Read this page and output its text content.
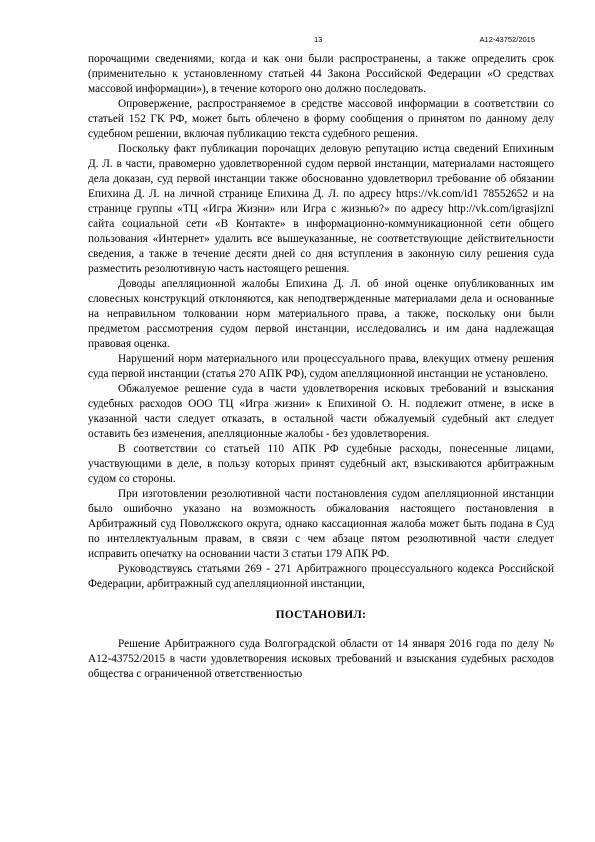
13	А12-43752/2015

порочащими сведениями, когда и как они были распространены, а также определить срок (применительно к установленному статьей 44 Закона Российской Федерации «О средствах массовой информации»), в течение которого оно должно последовать.

Опровержение, распространяемое в средстве массовой информации в соответствии со статьей 152 ГК РФ, может быть облечено в форму сообщения о принятом по данному делу судебном решении, включая публикацию текста судебного решения.

Поскольку факт публикации порочащих деловую репутацию истца сведений Епихиным Д. Л. в части, правомерно удовлетворенной судом первой инстанции, материалами настоящего дела доказан, суд первой инстанции также обоснованно удовлетворил требование об обязании Епихина Д. Л. на личной странице Епихина Д. Л. по адресу https://vk.com/id1 78552652 и на странице группы «ТЦ «Игра Жизни» или Игра с жизнью?» по адресу http://vk.com/igrasjizni сайта социальной сети «В Контакте» в информационно-коммуникационной сети общего пользования «Интернет» удалить все вышеуказанные, не соответствующие действительности сведения, а также в течение десяти дней со дня вступления в законную силу решения суда разместить резолютивную часть настоящего решения.

Доводы апелляционной жалобы Епихина Д. Л. об иной оценке опубликованных им словесных конструкций отклоняются, как неподтвержденные материалами дела и основанные на неправильном толковании норм материального права, а также, поскольку они были предметом рассмотрения судом первой инстанции, исследовались и им дана надлежащая правовая оценка.

Нарушений норм материального или процессуального права, влекущих отмену решения суда первой инстанции (статья 270 АПК РФ), судом апелляционной инстанции не установлено.

Обжалуемое решение суда в части удовлетворения исковых требований и взыскания судебных расходов ООО ТЦ «Игра жизни» к Епихиной О. Н. подлежит отмене, в иске в указанной части следует отказать, в остальной части обжалуемый судебный акт следует оставить без изменения, апелляционные жалобы - без удовлетворения.

В соответствии со статьей 110 АПК РФ судебные расходы, понесенные лицами, участвующими в деле, в пользу которых принят судебный акт, взыскиваются арбитражным судом со стороны.

При изготовлении резолютивной части постановления судом апелляционной инстанции было ошибочно указано на возможность обжалования настоящего постановления в Арбитражный суд Поволжского округа, однако кассационная жалоба может быть подана в Суд по интеллектуальным правам, в связи с чем абзаце пятом резолютивной части следует исправить опечатку на основании части 3 статьи 179 АПК РФ.

Руководствуясь статьями 269 - 271 Арбитражного процессуального кодекса Российской Федерации, арбитражный суд апелляционной инстанции,

ПОСТАНОВИЛ:

Решение Арбитражного суда Волгоградской области от 14 января 2016 года по делу № А12-43752/2015 в части удовлетворения исковых требований и взыскания судебных расходов общества с ограниченной ответственностью
